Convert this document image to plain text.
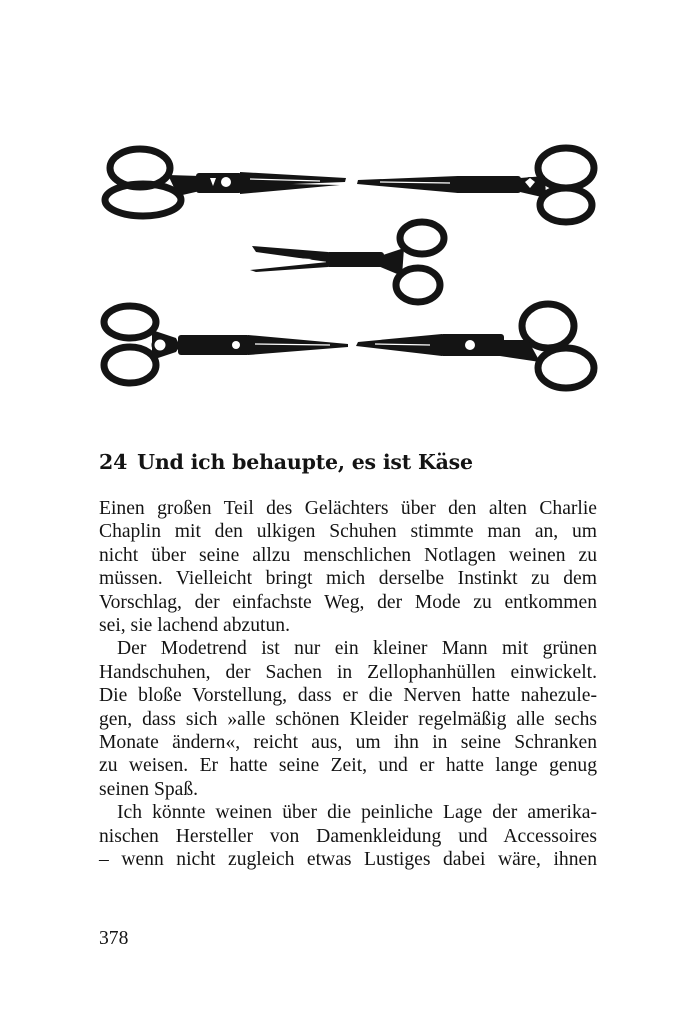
24 Und ich behaupte, es ist Käse

Einen großen Teil des Gelächters über den alten Charlie
Chaplin mit den ulkigen Schuhen stimmte man an, um
nicht über seine allzu menschlichen Notlagen weinen zu
müssen. Vielleicht bringt mich derselbe Instinkt zu dem
Vorschlag, der einfachste Weg, der Mode zu entkommen
sei, sie lachend abzutun.

Der Modetrend ist nur ein kleiner Mann mit grünen
Handschuhen, der Sachen in Zellophanhüllen einwickelt.
Die bloße Vorstellung, dass er die Nerven hatte nahezule-
gen, dass sich »alle schönen Kleider regelmäßig alle sechs
Monate ändern«, reicht aus, um ihn in seine Schranken
zu weisen. Er hatte seine Zeit, und er hatte lange genug
seinen Spaß.

Ich könnte weinen über die peinliche Lage der amerika-
nischen Hersteller von Damenkleidung und Accessoires
– wenn nicht zugleich etwas Lustiges dabei wäre, ihnen

378
